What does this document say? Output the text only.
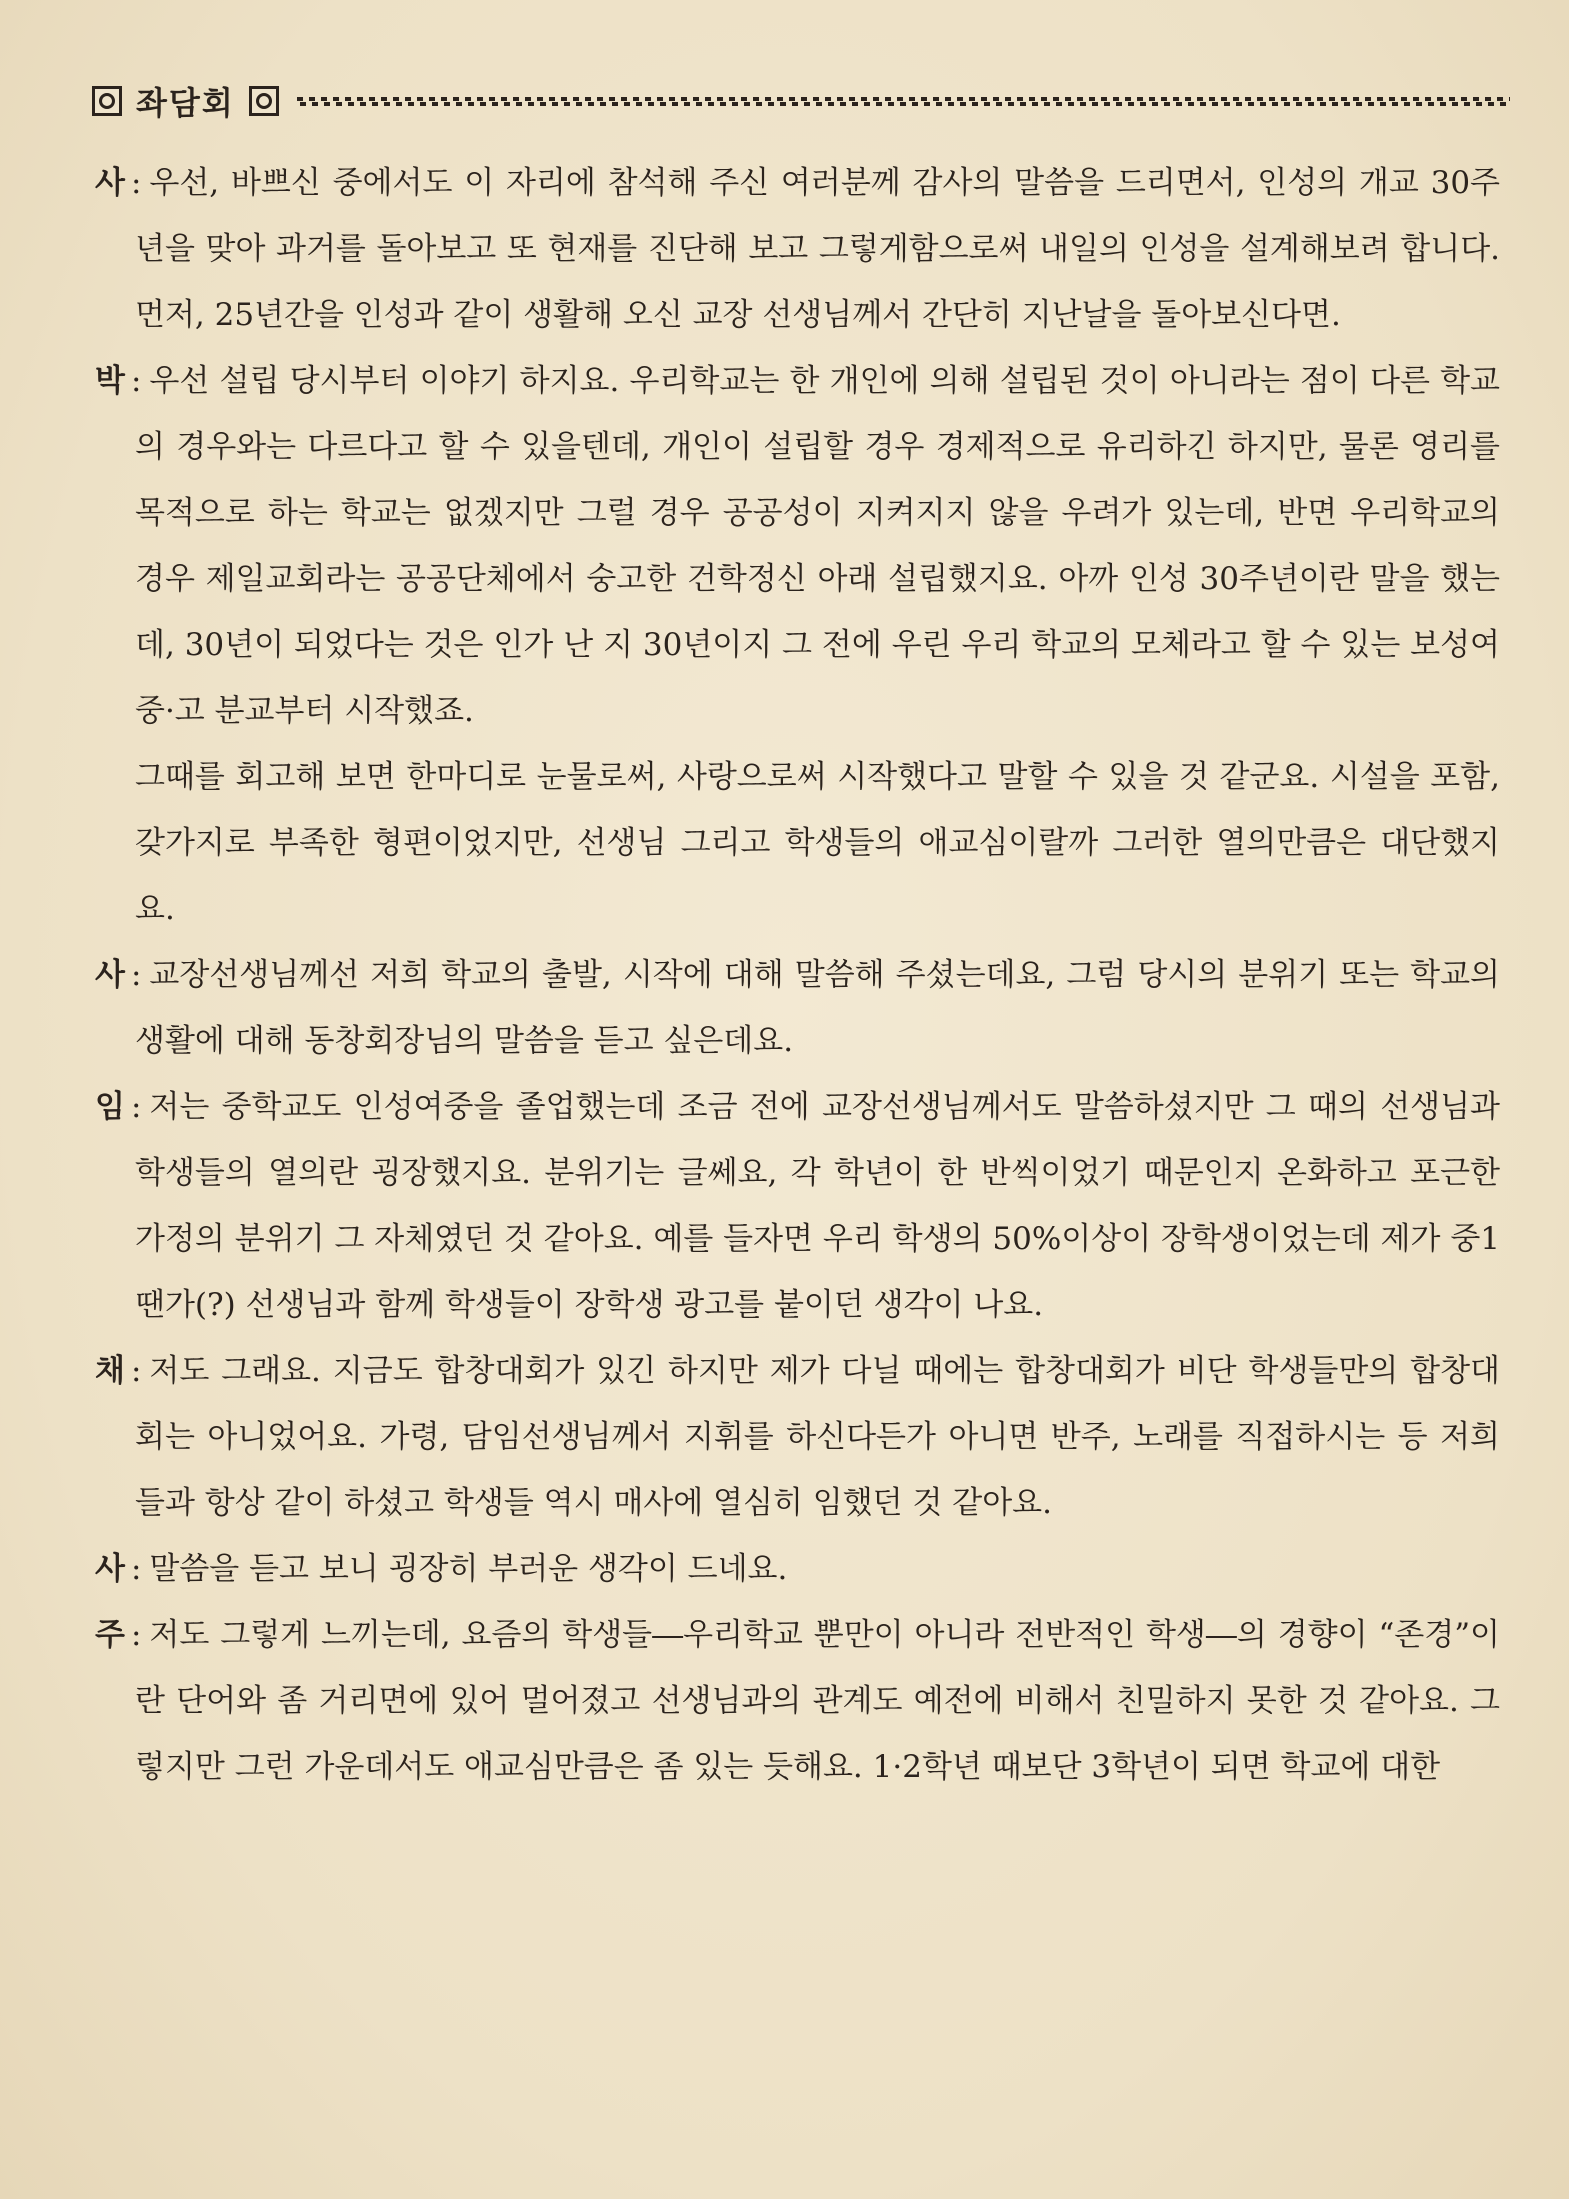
좌담회

사 : 우선, 바쁘신 중에서도 이 자리에 참석해 주신 여러분께 감사의 말씀을 드리면서, 인성의 개교 30주년을 맞아 과거를 돌아보고 또 현재를 진단해 보고 그렇게함으로써 내일의 인성을 설계해보려 합니다. 먼저, 25년간을 인성과 같이 생활해 오신 교장 선생님께서 간단히 지난날을 돌아보신다면.

박 : 우선 설립 당시부터 이야기 하지요. 우리학교는 한 개인에 의해 설립된 것이 아니라는 점이 다른 학교의 경우와는 다르다고 할 수 있을텐데, 개인이 설립할 경우 경제적으로 유리하긴 하지만, 물론 영리를 목적으로 하는 학교는 없겠지만 그럴 경우 공공성이 지켜지지 않을 우려가 있는데, 반면 우리학교의 경우 제일교회라는 공공단체에서 숭고한 건학정신 아래 설립했지요. 아까 인성 30주년이란 말을 했는데, 30년이 되었다는 것은 인가 난 지 30년이지 그 전에 우린 우리 학교의 모체라고 할 수 있는 보성여중·고 분교부터 시작했죠.

그때를 회고해 보면 한마디로 눈물로써, 사랑으로써 시작했다고 말할 수 있을 것 같군요. 시설을 포함, 갖가지로 부족한 형편이었지만, 선생님 그리고 학생들의 애교심이랄까 그러한 열의만큼은 대단했지요.

사 : 교장선생님께선 저희 학교의 출발, 시작에 대해 말씀해 주셨는데요, 그럼 당시의 분위기 또는 학교의 생활에 대해 동창회장님의 말씀을 듣고 싶은데요.

임 : 저는 중학교도 인성여중을 졸업했는데 조금 전에 교장선생님께서도 말씀하셨지만 그 때의 선생님과 학생들의 열의란 굉장했지요. 분위기는 글쎄요, 각 학년이 한 반씩이었기 때문인지 온화하고 포근한 가정의 분위기 그 자체였던 것 같아요. 예를 들자면 우리 학생의 50%이상이 장학생이었는데 제가 중1땐가(?) 선생님과 함께 학생들이 장학생 광고를 붙이던 생각이 나요.

채 : 저도 그래요. 지금도 합창대회가 있긴 하지만 제가 다닐 때에는 합창대회가 비단 학생들만의 합창대회는 아니었어요. 가령, 담임선생님께서 지휘를 하신다든가 아니면 반주, 노래를 직접하시는 등 저희들과 항상 같이 하셨고 학생들 역시 매사에 열심히 임했던 것 같아요.

사 : 말씀을 듣고 보니 굉장히 부러운 생각이 드네요.

주 : 저도 그렇게 느끼는데, 요즘의 학생들―우리학교 뿐만이 아니라 전반적인 학생―의 경향이 “존경”이란 단어와 좀 거리면에 있어 멀어졌고 선생님과의 관계도 예전에 비해서 친밀하지 못한 것 같아요. 그렇지만 그런 가운데서도 애교심만큼은 좀 있는 듯해요. 1·2학년 때보단 3학년이 되면 학교에 대한
